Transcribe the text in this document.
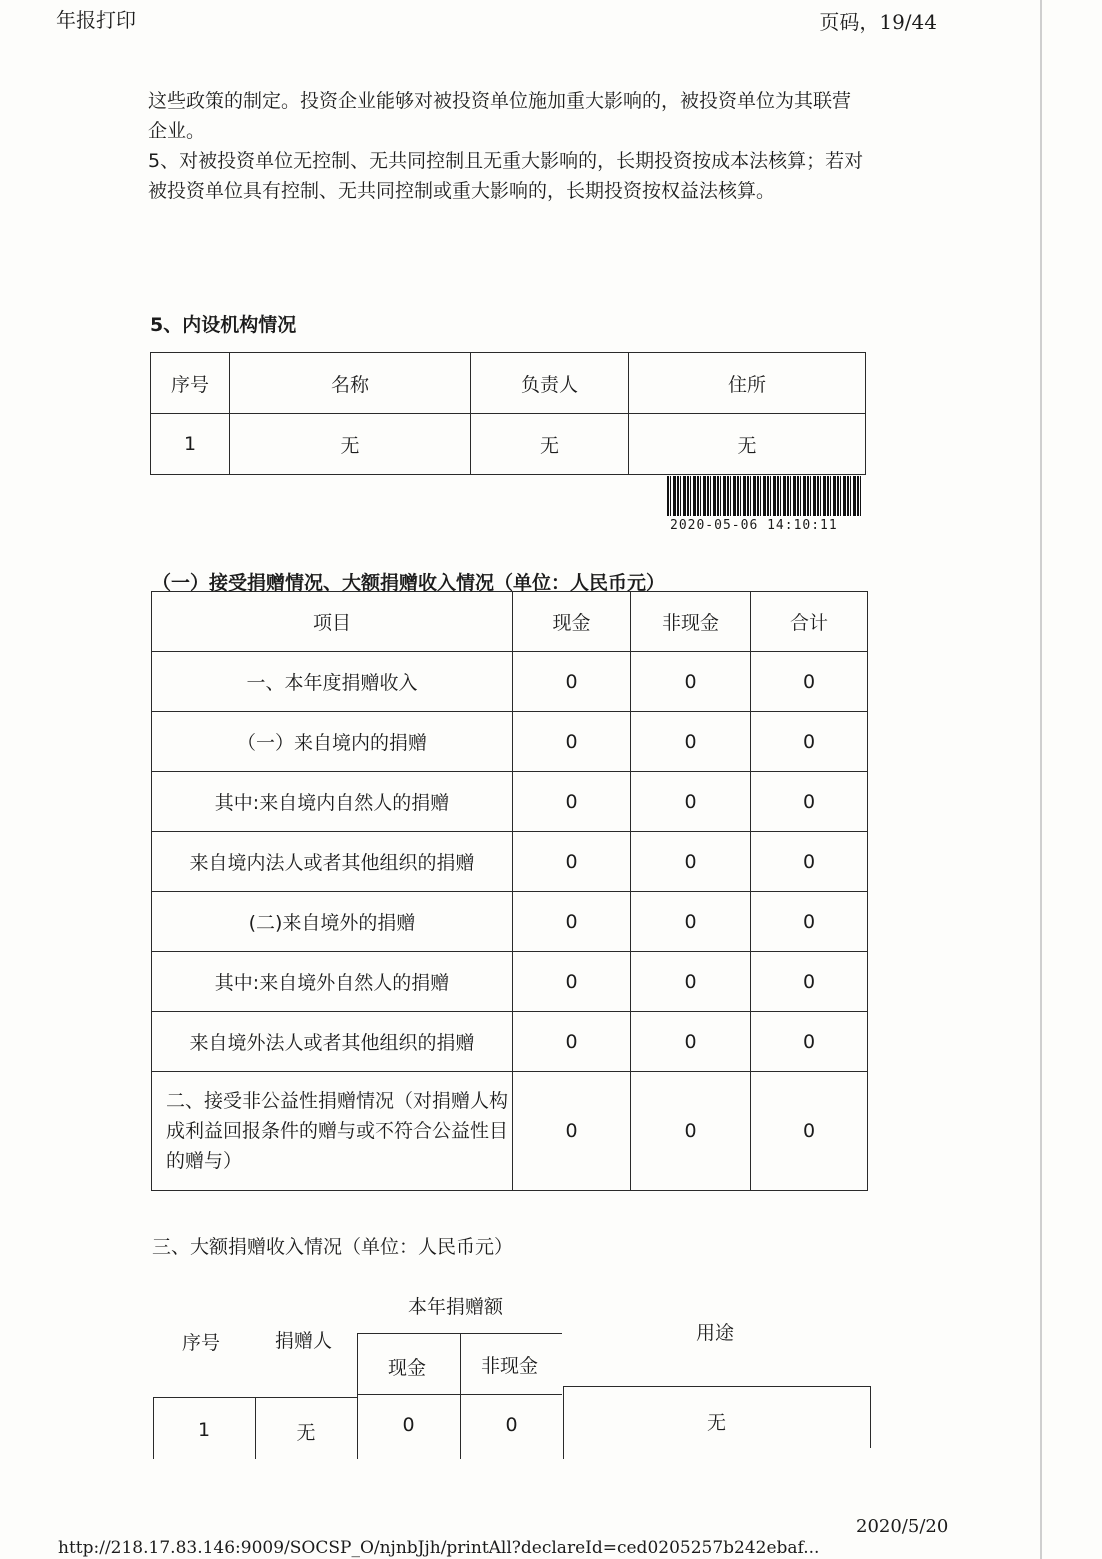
年报打印	页码，19/44

这些政策的制定。投资企业能够对被投资单位施加重大影响的，被投资单位为其联营企业。

5、对被投资单位无控制、无共同控制且无重大影响的，长期投资按成本法核算；若对被投资单位具有控制、无共同控制或重大影响的，长期投资按权益法核算。

5、内设机构情况
序号	名称	负责人	住所
1	无	无	无
2020-05-06 14:10:11
（一）接受捐赠情况、大额捐赠收入情况（单位：人民币元）
项目	现金	非现金	合计
一、本年度捐赠收入	0	0	0
（一）来自境内的捐赠	0	0	0
其中:来自境内自然人的捐赠	0	0	0
来自境内法人或者其他组织的捐赠	0	0	0
(二)来自境外的捐赠	0	0	0
其中:来自境外自然人的捐赠	0	0	0
来自境外法人或者其他组织的捐赠	0	0	0
二、接受非公益性捐赠情况（对捐赠人构成利益回报条件的赠与或不符合公益性目的赠与）	0	0	0
三、大额捐赠收入情况（单位：人民币元）
序号	捐赠人
本年捐赠额
现金	非现金
用途
1	无	0	0	无
2020/5/20
http://218.17.83.146:9009/SOCSP_O/njnbJjh/printAll?declareId=ced0205257b242ebaf...
